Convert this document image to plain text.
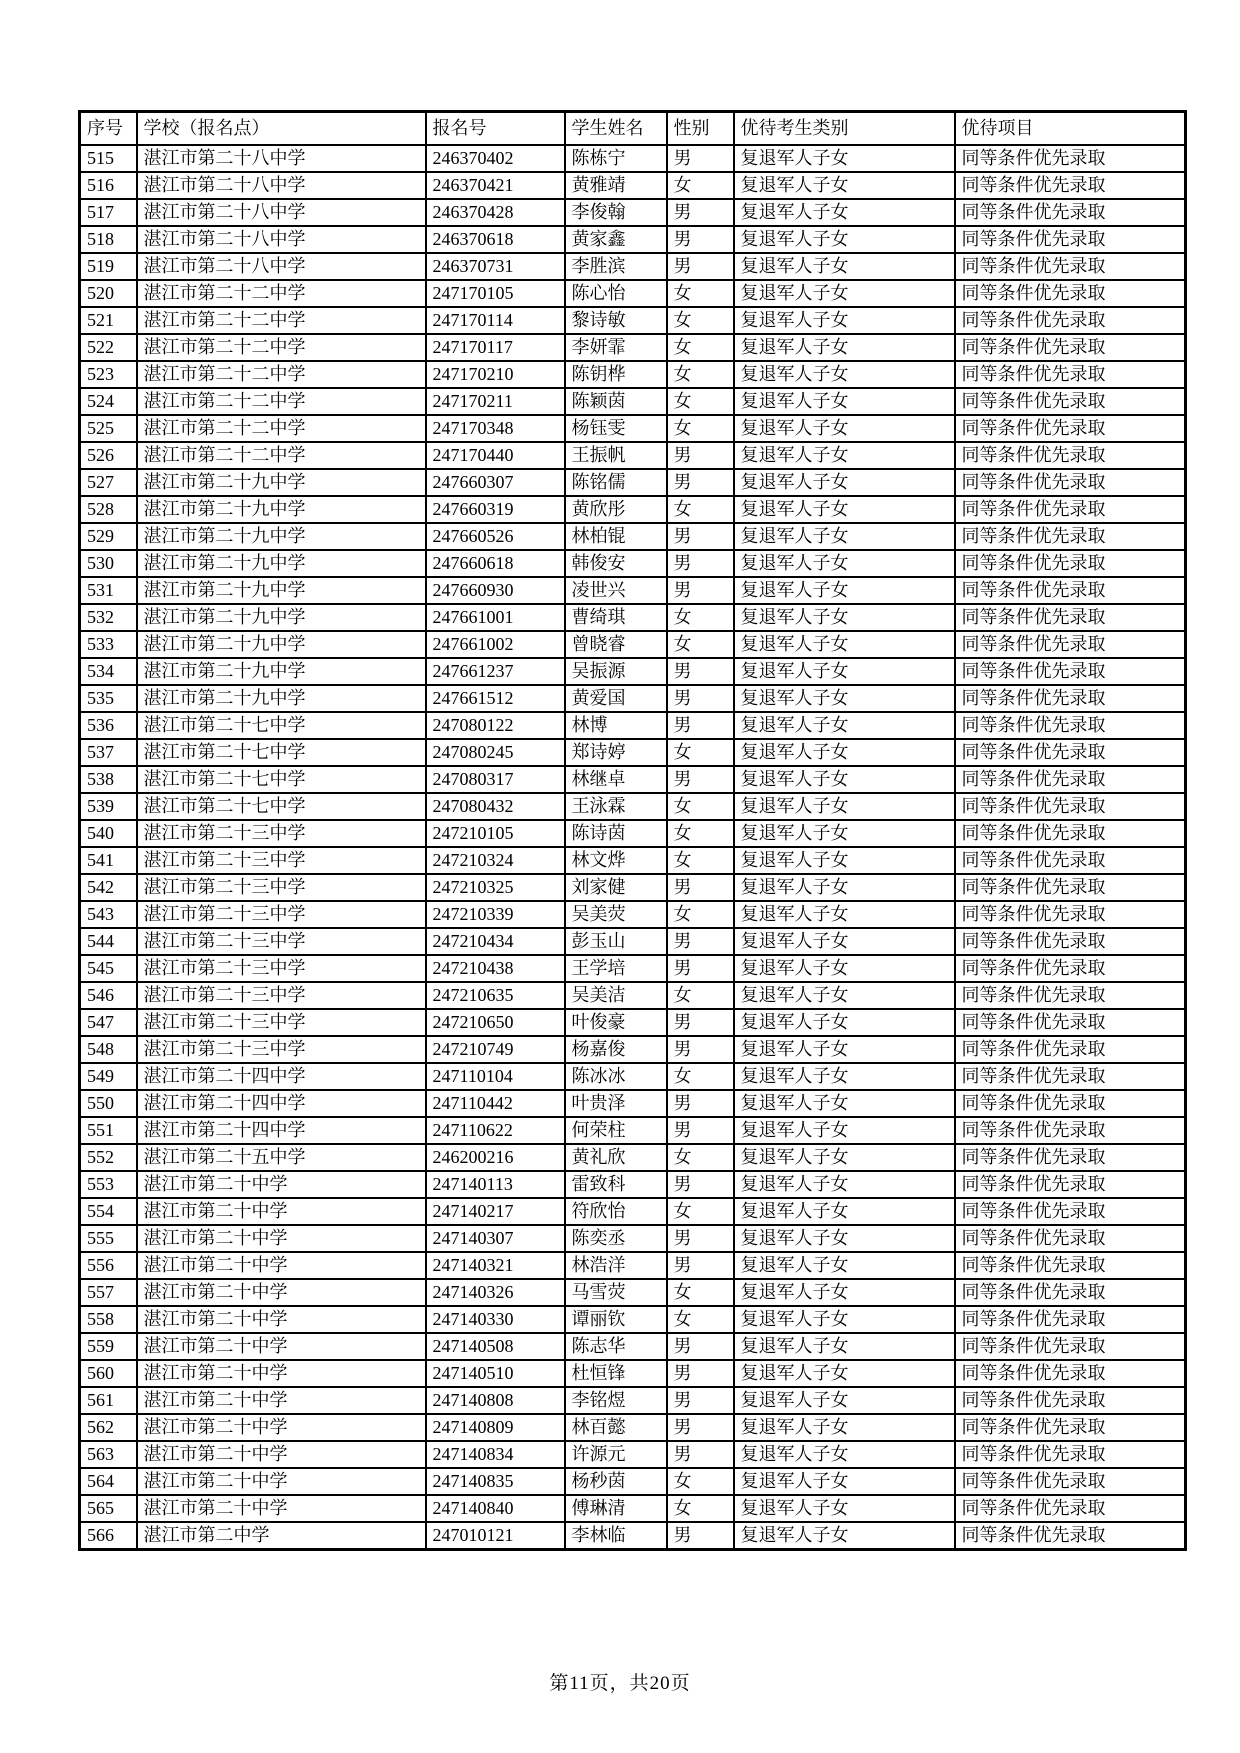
序号	学校（报名点）	报名号	学生姓名	性别	优待考生类别	优待项目
515	湛江市第二十八中学	246370402	陈栋宁	男	复退军人子女	同等条件优先录取
516	湛江市第二十八中学	246370421	黄雅靖	女	复退军人子女	同等条件优先录取
517	湛江市第二十八中学	246370428	李俊翰	男	复退军人子女	同等条件优先录取
518	湛江市第二十八中学	246370618	黄家鑫	男	复退军人子女	同等条件优先录取
519	湛江市第二十八中学	246370731	李胜滨	男	复退军人子女	同等条件优先录取
520	湛江市第二十二中学	247170105	陈心怡	女	复退军人子女	同等条件优先录取
521	湛江市第二十二中学	247170114	黎诗敏	女	复退军人子女	同等条件优先录取
522	湛江市第二十二中学	247170117	李妍霏	女	复退军人子女	同等条件优先录取
523	湛江市第二十二中学	247170210	陈钥桦	女	复退军人子女	同等条件优先录取
524	湛江市第二十二中学	247170211	陈颖茵	女	复退军人子女	同等条件优先录取
525	湛江市第二十二中学	247170348	杨钰雯	女	复退军人子女	同等条件优先录取
526	湛江市第二十二中学	247170440	王振帆	男	复退军人子女	同等条件优先录取
527	湛江市第二十九中学	247660307	陈铭儒	男	复退军人子女	同等条件优先录取
528	湛江市第二十九中学	247660319	黄欣彤	女	复退军人子女	同等条件优先录取
529	湛江市第二十九中学	247660526	林柏锟	男	复退军人子女	同等条件优先录取
530	湛江市第二十九中学	247660618	韩俊安	男	复退军人子女	同等条件优先录取
531	湛江市第二十九中学	247660930	凌世兴	男	复退军人子女	同等条件优先录取
532	湛江市第二十九中学	247661001	曹绮琪	女	复退军人子女	同等条件优先录取
533	湛江市第二十九中学	247661002	曾晓睿	女	复退军人子女	同等条件优先录取
534	湛江市第二十九中学	247661237	吴振源	男	复退军人子女	同等条件优先录取
535	湛江市第二十九中学	247661512	黄爱国	男	复退军人子女	同等条件优先录取
536	湛江市第二十七中学	247080122	林博	男	复退军人子女	同等条件优先录取
537	湛江市第二十七中学	247080245	郑诗婷	女	复退军人子女	同等条件优先录取
538	湛江市第二十七中学	247080317	林继卓	男	复退军人子女	同等条件优先录取
539	湛江市第二十七中学	247080432	王泳霖	女	复退军人子女	同等条件优先录取
540	湛江市第二十三中学	247210105	陈诗茵	女	复退军人子女	同等条件优先录取
541	湛江市第二十三中学	247210324	林文烨	女	复退军人子女	同等条件优先录取
542	湛江市第二十三中学	247210325	刘家健	男	复退军人子女	同等条件优先录取
543	湛江市第二十三中学	247210339	吴美荧	女	复退军人子女	同等条件优先录取
544	湛江市第二十三中学	247210434	彭玉山	男	复退军人子女	同等条件优先录取
545	湛江市第二十三中学	247210438	王学培	男	复退军人子女	同等条件优先录取
546	湛江市第二十三中学	247210635	吴美洁	女	复退军人子女	同等条件优先录取
547	湛江市第二十三中学	247210650	叶俊豪	男	复退军人子女	同等条件优先录取
548	湛江市第二十三中学	247210749	杨嘉俊	男	复退军人子女	同等条件优先录取
549	湛江市第二十四中学	247110104	陈冰冰	女	复退军人子女	同等条件优先录取
550	湛江市第二十四中学	247110442	叶贵泽	男	复退军人子女	同等条件优先录取
551	湛江市第二十四中学	247110622	何荣柱	男	复退军人子女	同等条件优先录取
552	湛江市第二十五中学	246200216	黄礼欣	女	复退军人子女	同等条件优先录取
553	湛江市第二十中学	247140113	雷致科	男	复退军人子女	同等条件优先录取
554	湛江市第二十中学	247140217	符欣怡	女	复退军人子女	同等条件优先录取
555	湛江市第二十中学	247140307	陈奕丞	男	复退军人子女	同等条件优先录取
556	湛江市第二十中学	247140321	林浩洋	男	复退军人子女	同等条件优先录取
557	湛江市第二十中学	247140326	马雪荧	女	复退军人子女	同等条件优先录取
558	湛江市第二十中学	247140330	谭丽钦	女	复退军人子女	同等条件优先录取
559	湛江市第二十中学	247140508	陈志华	男	复退军人子女	同等条件优先录取
560	湛江市第二十中学	247140510	杜恒锋	男	复退军人子女	同等条件优先录取
561	湛江市第二十中学	247140808	李铭煜	男	复退军人子女	同等条件优先录取
562	湛江市第二十中学	247140809	林百懿	男	复退军人子女	同等条件优先录取
563	湛江市第二十中学	247140834	许源元	男	复退军人子女	同等条件优先录取
564	湛江市第二十中学	247140835	杨秒茵	女	复退军人子女	同等条件优先录取
565	湛江市第二十中学	247140840	傅琳清	女	复退军人子女	同等条件优先录取
566	湛江市第二中学	247010121	李林临	男	复退军人子女	同等条件优先录取
第11页，共20页
